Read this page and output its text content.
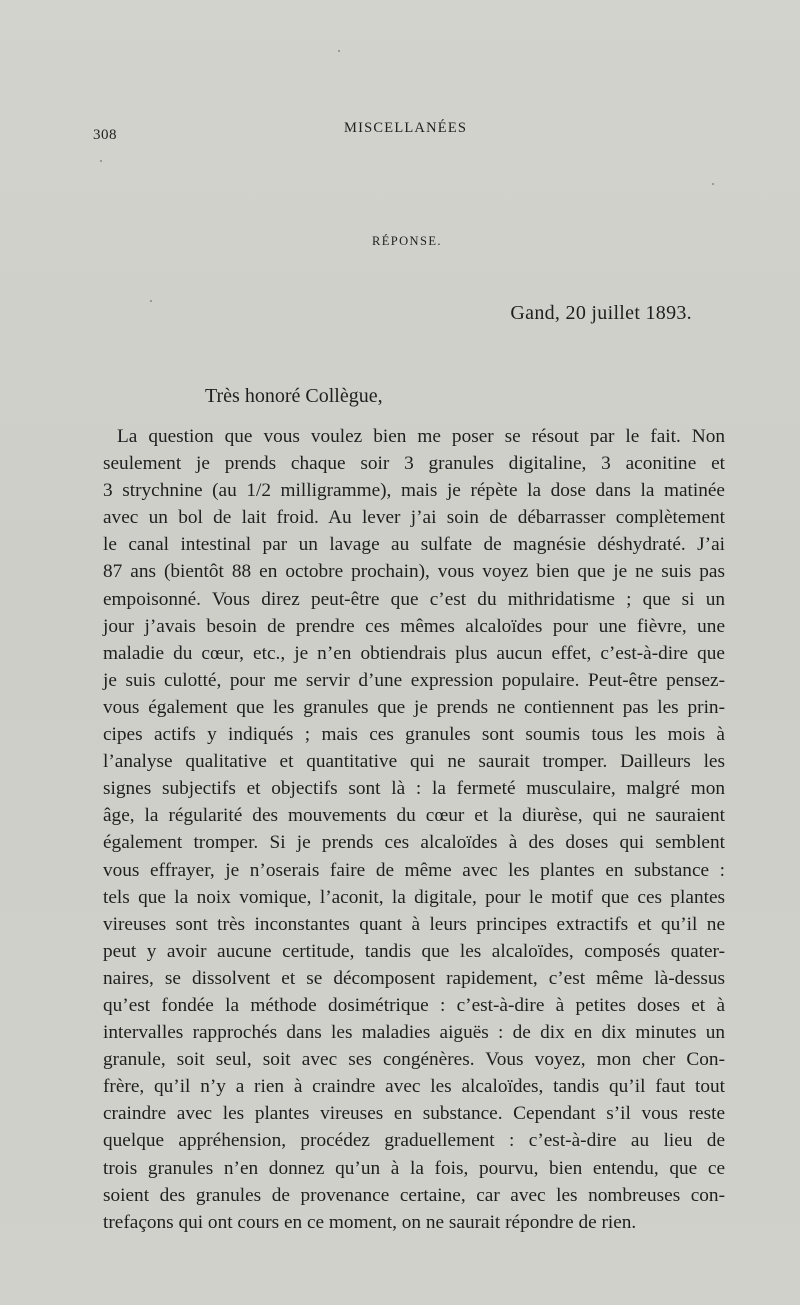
308	MISCELLANÉES
RÉPONSE.
Gand, 20 juillet 1893.
Très honoré Collègue,
La question que vous voulez bien me poser se résout par le fait. Non
seulement je prends chaque soir 3 granules digitaline, 3 aconitine et
3 strychnine (au 1/2 milligramme), mais je répète la dose dans la matinée
avec un bol de lait froid. Au lever j’ai soin de débarrasser complètement
le canal intestinal par un lavage au sulfate de magnésie déshydraté. J’ai
87 ans (bientôt 88 en octobre prochain), vous voyez bien que je ne suis pas
empoisonné. Vous direz peut-être que c’est du mithridatisme ; que si un
jour j’avais besoin de prendre ces mêmes alcaloïdes pour une fièvre, une
maladie du cœur, etc., je n’en obtiendrais plus aucun effet, c’est-à-dire que
je suis culotté, pour me servir d’une expression populaire. Peut-être pensez-
vous également que les granules que je prends ne contiennent pas les prin-
cipes actifs y indiqués ; mais ces granules sont soumis tous les mois à
l’analyse qualitative et quantitative qui ne saurait tromper. Dailleurs les
signes subjectifs et objectifs sont là : la fermeté musculaire, malgré mon
âge, la régularité des mouvements du cœur et la diurèse, qui ne sauraient
également tromper. Si je prends ces alcaloïdes à des doses qui semblent
vous effrayer, je n’oserais faire de même avec les plantes en substance :
tels que la noix vomique, l’aconit, la digitale, pour le motif que ces plantes
vireuses sont très inconstantes quant à leurs principes extractifs et qu’il ne
peut y avoir aucune certitude, tandis que les alcaloïdes, composés quater-
naires, se dissolvent et se décomposent rapidement, c’est même là-dessus
qu’est fondée la méthode dosimétrique : c’est-à-dire à petites doses et à
intervalles rapprochés dans les maladies aiguës : de dix en dix minutes un
granule, soit seul, soit avec ses congénères. Vous voyez, mon cher Con-
frère, qu’il n’y a rien à craindre avec les alcaloïdes, tandis qu’il faut tout
craindre avec les plantes vireuses en substance. Cependant s’il vous reste
quelque appréhension, procédez graduellement : c’est-à-dire au lieu de
trois granules n’en donnez qu’un à la fois, pourvu, bien entendu, que ce
soient des granules de provenance certaine, car avec les nombreuses con-
trefaçons qui ont cours en ce moment, on ne saurait répondre de rien.
